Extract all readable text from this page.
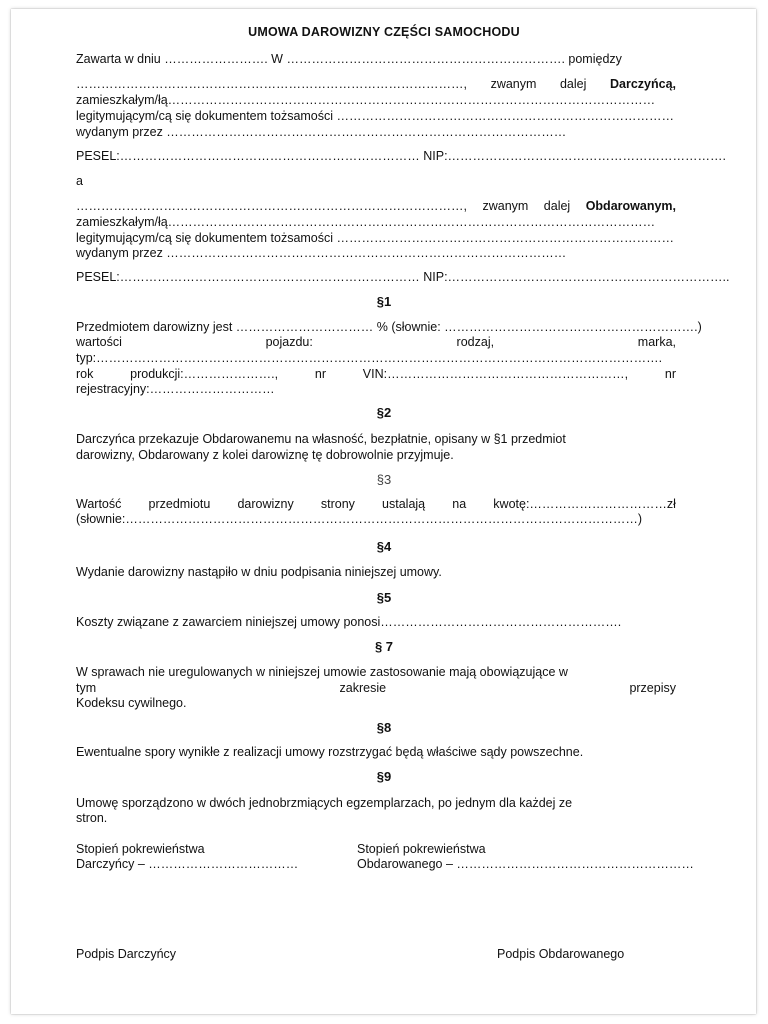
UMOWA DAROWIZNY CZĘŚCI SAMOCHODU
Zawarta w dniu ……………………. W …………………………………………………………. pomiędzy
…………………………………………………………………………………, zwanym dalej Darczyńcą,
zamieszkałym/łą………………………………………………………………………………………………………
legitymującym/cą się dokumentem tożsamości ………………………………………………………………………
wydanym przez ……………………………………………………………………………………
PESEL:……………………………………………………………… NIP:………………………………………………………….
a
…………………………………………………………………………………, zwanym dalej Obdarowanym,
zamieszkałym/łą………………………………………………………………………………………………………
legitymującym/cą się dokumentem tożsamości ………………………………………………………………………
wydanym przez ……………………………………………………………………………………
PESEL:……………………………………………………………… NIP:…………………………………………………………..
§1
Przedmiotem darowizny jest …………………………… % (słownie: …………………………………………………….)
wartości	pojazdu:	rodzaj,	marka,
typ:……………………………………………………………………………………………………………………….
rok	produkcji:………………….,	nr	VIN:…………………………………………………,	nr
rejestracyjny:…………………………
§2
Darczyńca przekazuje Obdarowanemu na własność, bezpłatnie, opisany w §1 przedmiot
darowizny, Obdarowany z kolei darowiznę tę dobrowolnie przyjmuje.
§3
Wartość przedmiotu darowizny strony ustalają na kwotę:……………………………zł
(słownie:……………………………………………………………………………………………………………)
§4
Wydanie darowizny nastąpiło w dniu podpisania niniejszej umowy.
§5
Koszty związane z zawarciem niniejszej umowy ponosi………………………………………………….
§ 7
W sprawach nie uregulowanych w niniejszej umowie zastosowanie mają obowiązujące w
tym	zakresie	przepisy
Kodeksu cywilnego.
§8
Ewentualne spory wynikłe z realizacji umowy rozstrzygać będą właściwe sądy powszechne.
§9
Umowę sporządzono w dwóch jednobrzmiących egzemplarzach, po jednym dla każdej ze
stron.
Stopień pokrewieństwa
Darczyńcy – ………………………………
Stopień pokrewieństwa
Obdarowanego – …………………………………………………
Podpis Darczyńcy	Podpis Obdarowanego
